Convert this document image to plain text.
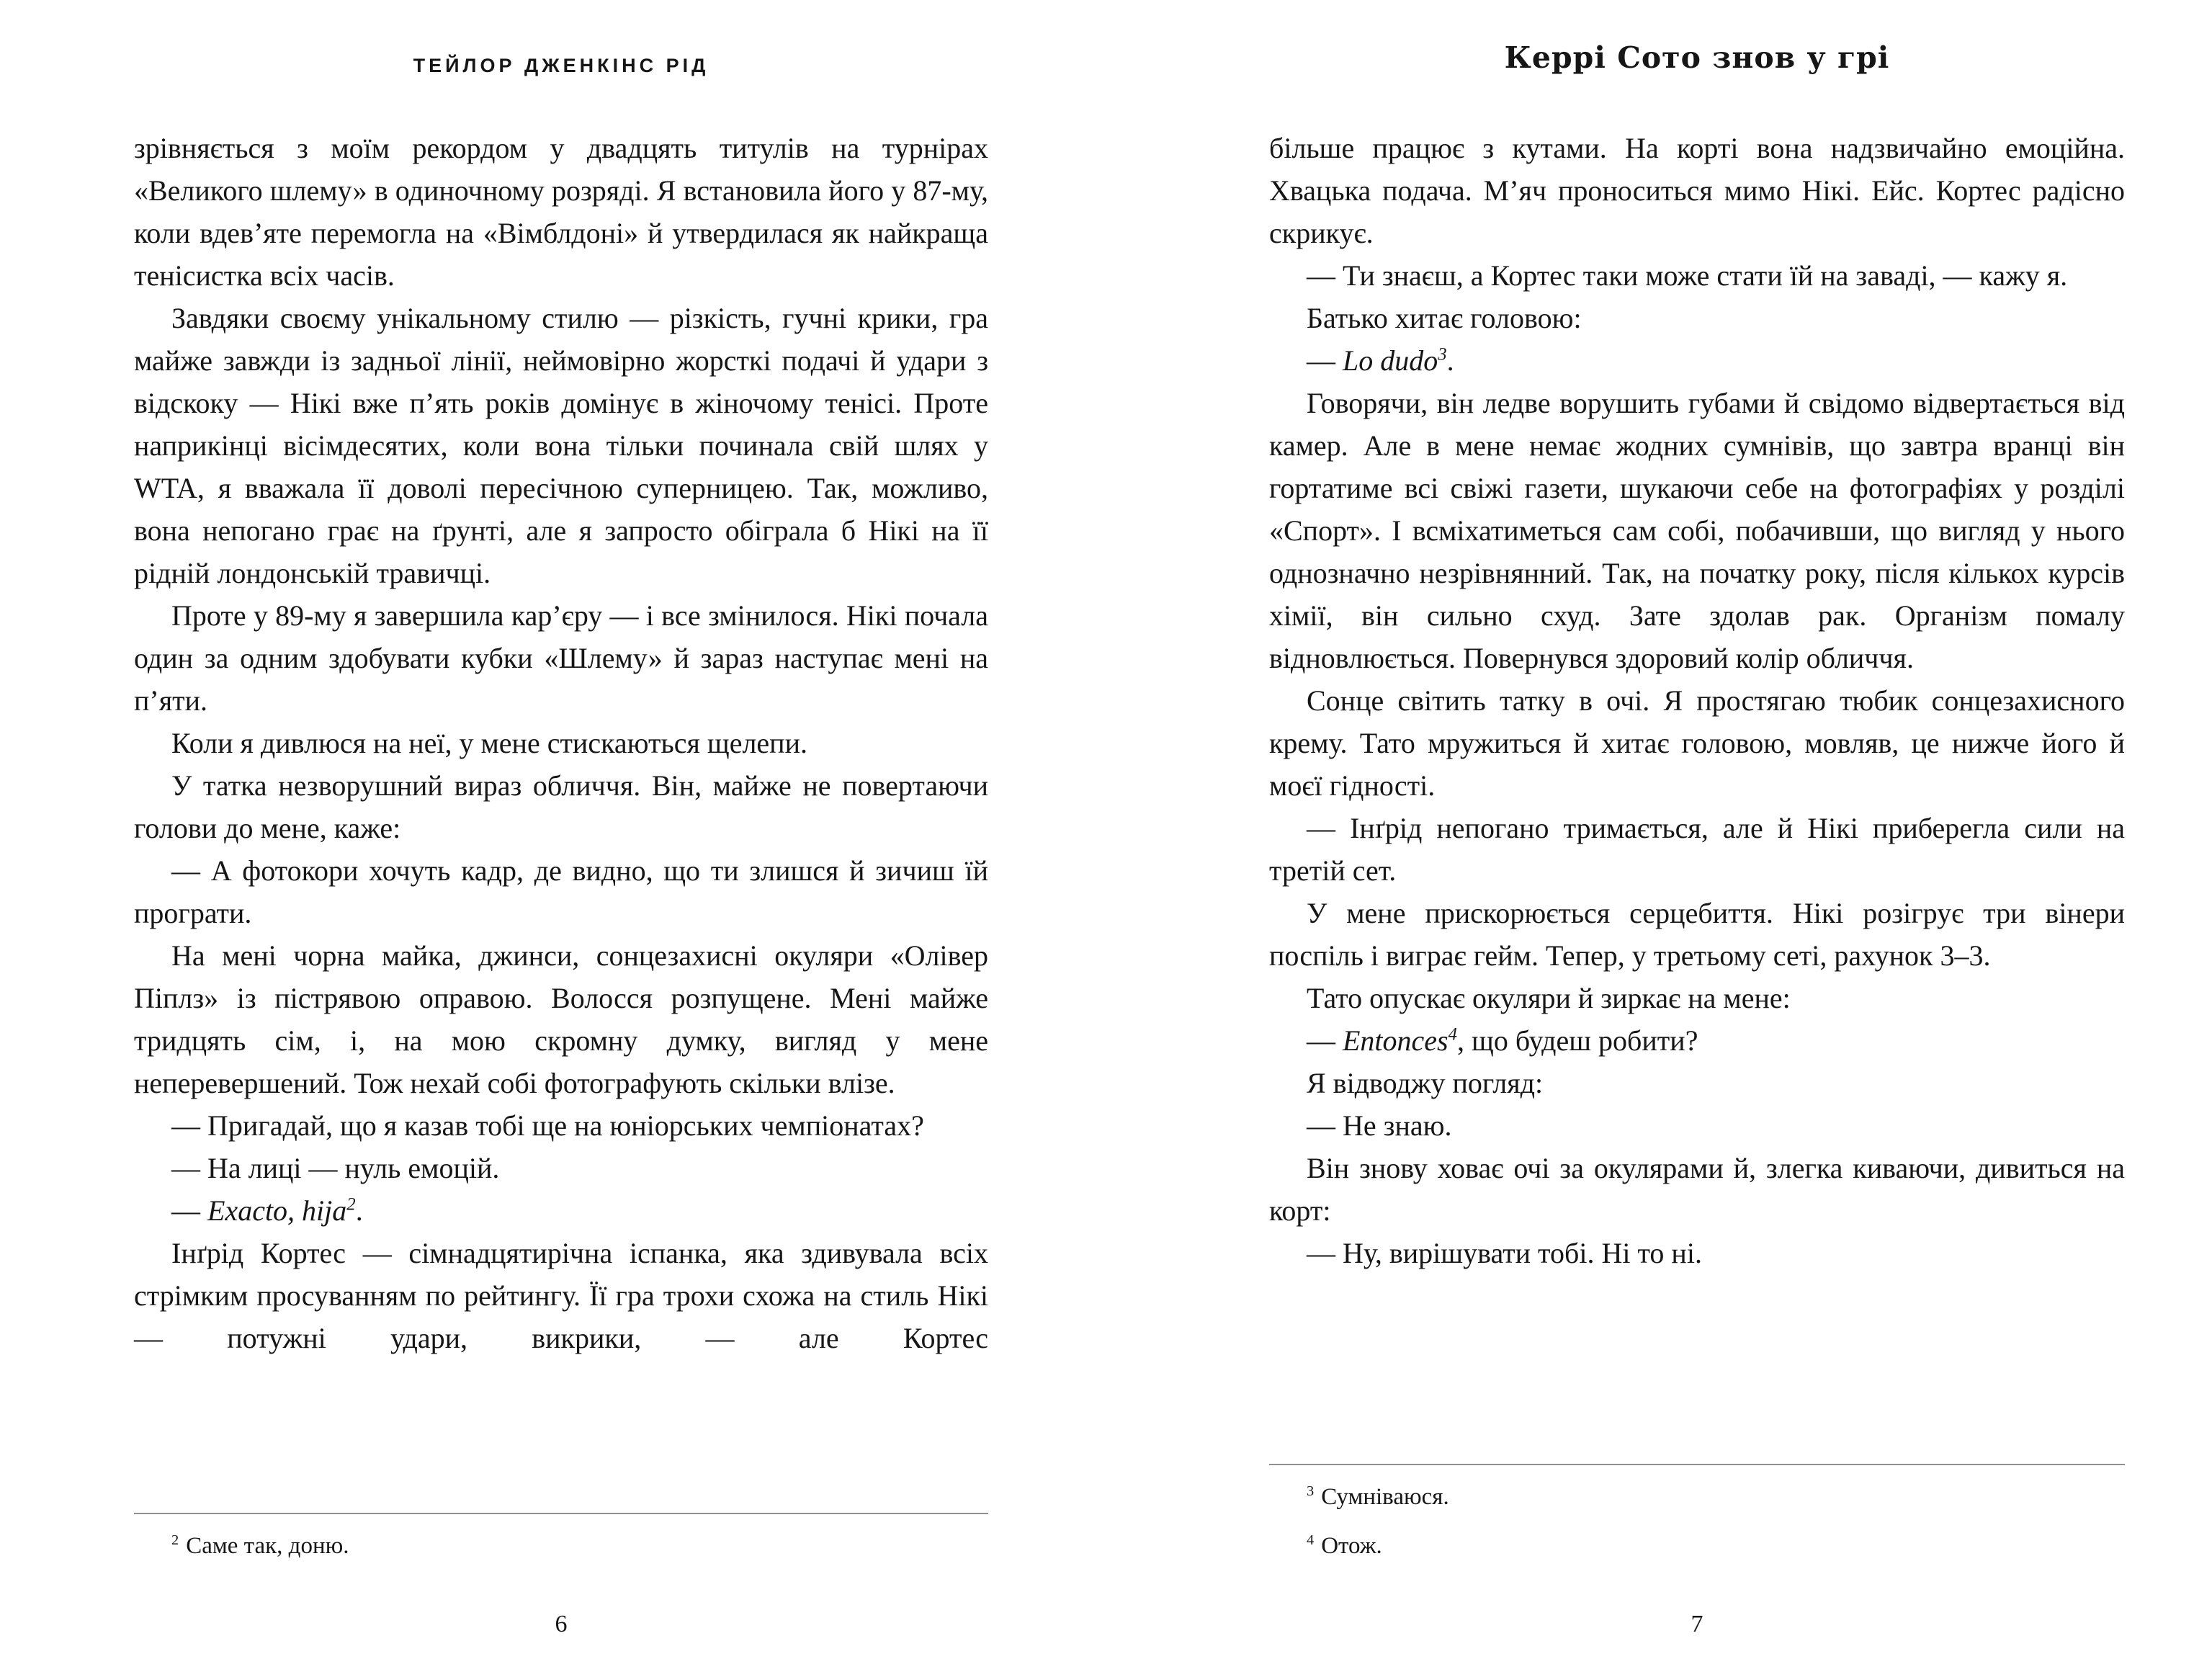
ТЕЙЛОР ДЖЕНКІНС РІД

зрівняється з моїм рекордом у двадцять титулів на турнірах «Великого шлему» в одиночному розряді. Я встановила його у 87-му, коли вдев’яте перемогла на «Вімблдоні» й утвердилася як найкраща тенісистка всіх часів.

Завдяки своєму унікальному стилю — різкість, гучні крики, гра майже завжди із задньої лінії, неймовірно жорсткі подачі й удари з відскоку — Нікі вже п’ять років домінує в жіночому тенісі. Проте наприкінці вісімдесятих, коли вона тільки починала свій шлях у WTA, я вважала її доволі пересічною суперницею. Так, можливо, вона непогано грає на ґрунті, але я запросто обіграла б Нікі на її рідній лондонській травичці.

Проте у 89-му я завершила кар’єру — і все змінилося. Нікі почала один за одним здобувати кубки «Шлему» й зараз наступає мені на п’яти.

Коли я дивлюся на неї, у мене стискаються щелепи.

У татка незворушний вираз обличчя. Він, майже не повертаючи голови до мене, каже:

— А фотокори хочуть кадр, де видно, що ти злишся й зичиш їй програти.

На мені чорна майка, джинси, сонцезахисні окуляри «Олівер Піплз» із пістрявою оправою. Волосся розпущене. Мені майже тридцять сім, і, на мою скромну думку, вигляд у мене неперевершений. Тож нехай собі фотографують скільки влізе.

— Пригадай, що я казав тобі ще на юніорських чемпіонатах?

— На лиці — нуль емоцій.

— Exacto, hija$^2$.

Інґрід Кортес — сімнадцятирічна іспанка, яка здивувала всіх стрімким просуванням по рейтингу. Її гра трохи схожа на стиль Нікі — потужні удари, викрики, — але Кортес

$^2$ Саме так, доню.

6
Керрі Сото знов у грі

більше працює з кутами. На корті вона надзвичайно емоційна. Хвацька подача. М’яч проноситься мимо Нікі. Ейс. Кортес радісно скрикує.

— Ти знаєш, а Кортес таки може стати їй на заваді, — кажу я.

Батько хитає головою:

— Lo dudo$^3$.

Говорячи, він ледве ворушить губами й свідомо відвертається від камер. Але в мене немає жодних сумнівів, що завтра вранці він гортатиме всі свіжі газети, шукаючи себе на фотографіях у розділі «Спорт». І всміхатиметься сам собі, побачивши, що вигляд у нього однозначно незрівнянний. Так, на початку року, після кількох курсів хімії, він сильно схуд. Зате здолав рак. Організм помалу відновлюється. Повернувся здоровий колір обличчя.

Сонце світить татку в очі. Я простягаю тюбик сонцезахисного крему. Тато мружиться й хитає головою, мовляв, це нижче його й моєї гідності.

— Інґрід непогано тримається, але й Нікі приберегла сили на третій сет.

У мене прискорюється серцебиття. Нікі розігрує три вінери поспіль і виграє гейм. Тепер, у третьому сеті, рахунок 3–3.

Тато опускає окуляри й зиркає на мене:

— Entonces$^4$, що будеш робити?

Я відводжу погляд:

— Не знаю.

Він знову ховає очі за окулярами й, злегка киваючи, дивиться на корт:

— Ну, вирішувати тобі. Ні то ні.

$^3$ Сумніваюся.

$^4$ Отож.

7
